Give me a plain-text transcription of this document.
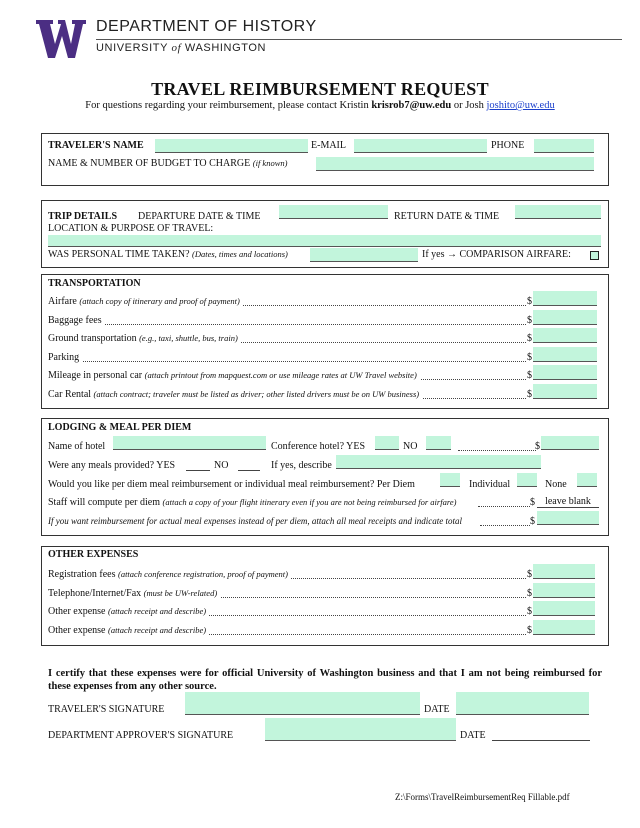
DEPARTMENT OF HISTORY
UNIVERSITY of WASHINGTON
TRAVEL REIMBURSEMENT REQUEST
For questions regarding your reimbursement, please contact Kristin krisrob7@uw.edu or Josh joshito@uw.edu
TRAVELER'S NAME	E-MAIL	PHONE
NAME & NUMBER OF BUDGET TO CHARGE (if known)
TRIP DETAILS DEPARTURE DATE & TIME	RETURN DATE & TIME
LOCATION & PURPOSE OF TRAVEL:
WAS PERSONAL TIME TAKEN? (Dates, times and locations)	If yes → COMPARISON AIRFARE:
TRANSPORTATION
Airfare (attach copy of itinerary and proof of payment)	$
Baggage fees	$
Ground transportation (e.g., taxi, shuttle, bus, train)	$
Parking	$
Mileage in personal car (attach printout from mapquest.com or use mileage rates at UW Travel website)	$
Car Rental (attach contract; traveler must be listed as driver; other listed drivers must be on UW business)	$
LODGING & MEAL PER DIEM
Name of hotel	Conference hotel? YES	NO	$
Were any meals provided? YES	NO	If yes, describe
Would you like per diem meal reimbursement or individual meal reimbursement? Per Diem	Individual	None
Staff will compute per diem (attach a copy of your flight itinerary even if you are not being reimbursed for airfare)	$	leave blank
If you want reimbursement for actual meal expenses instead of per diem, attach all meal receipts and indicate total	$
OTHER EXPENSES
Registration fees (attach conference registration, proof of payment)	$
Telephone/Internet/Fax (must be UW-related)	$
Other expense (attach receipt and describe)	$
Other expense (attach receipt and describe)	$
I certify that these expenses were for official University of Washington business and that I am not being reimbursed for these expenses from any other source.
TRAVELER'S SIGNATURE	DATE
DEPARTMENT APPROVER'S SIGNATURE	DATE
Z:\Forms\TravelReimbursementReq Fillable.pdf
